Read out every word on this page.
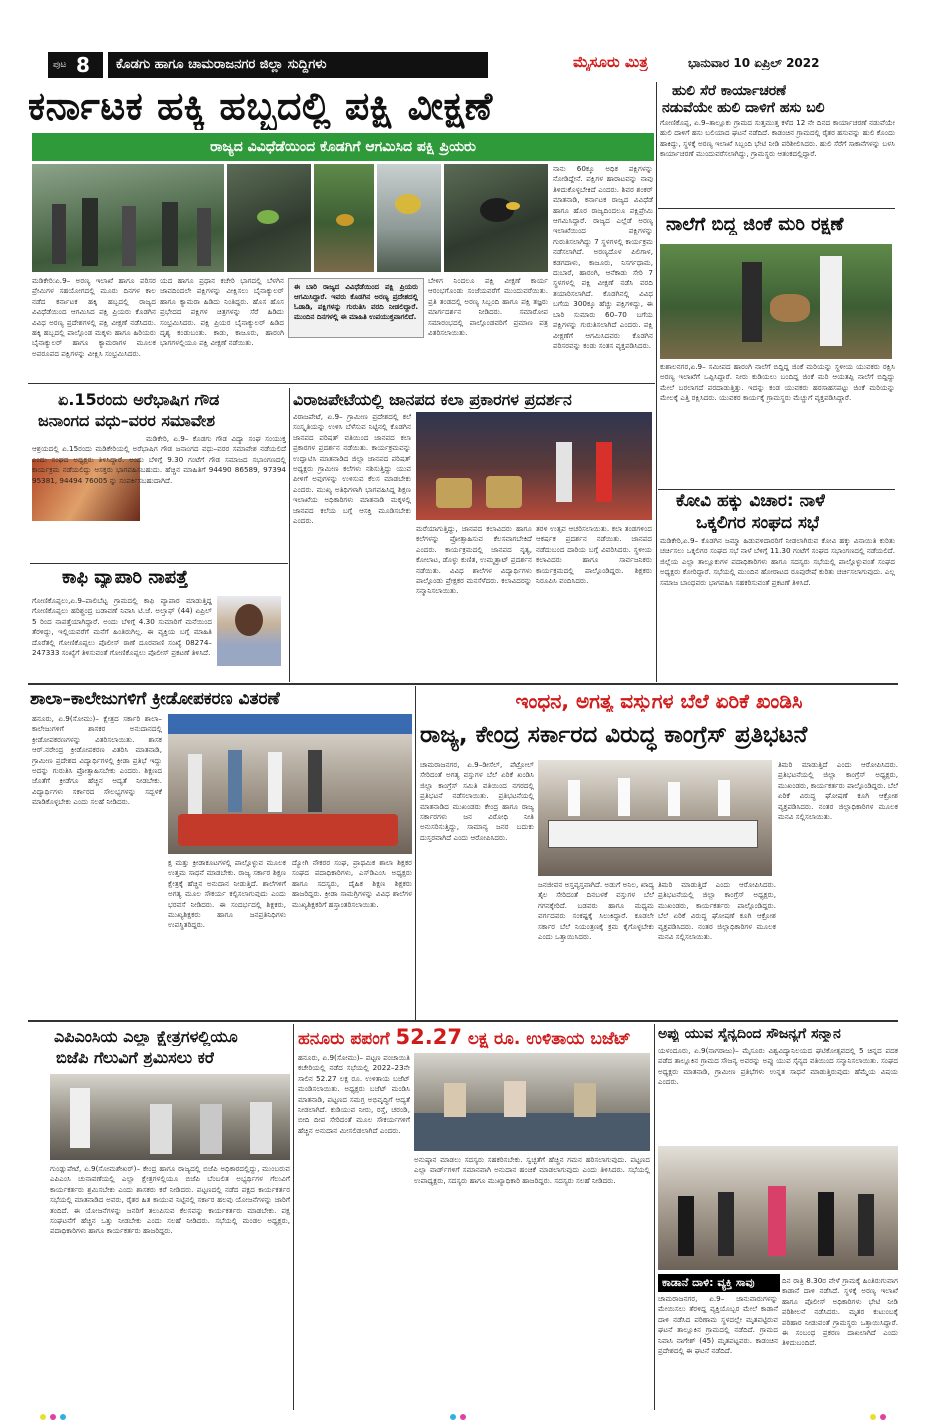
ಪುಟ 8	ಕೊಡಗು ಹಾಗೂ ಚಾಮರಾಜನಗರ ಜಿಲ್ಲಾ ಸುದ್ದಿಗಳು	ಮೈಸೂರು ಮಿತ್ರ	ಭಾನುವಾರ 10 ಏಪ್ರಿಲ್ 2022
ಕರ್ನಾಟಕ ಹಕ್ಕಿ ಹಬ್ಬದಲ್ಲಿ ಪಕ್ಷಿ ವೀಕ್ಷಣೆ
ರಾಜ್ಯದ ವಿವಿಧೆಡೆಯಿಂದ ಕೊಡಗಿಗೆ ಆಗಮಿಸಿದ ಪಕ್ಷಿ ಪ್ರಿಯರು
ನಾನು 60ಕ್ಕೂ ಅಧಿಕ ಪಕ್ಷಿಗಳನ್ನು ನೋಡಿದ್ದೇನೆ. ಪಕ್ಷಿಗಳ ಹಾರಾಟವನ್ನು ನಾವು ತಿಳಿದುಕೊಳ್ಳಬೇಕಿದೆ ಎಂದರು. ಶಿವರ ಶಂಕರ್ ಮಾತನಾಡಿ, ಕರ್ನಾಟಕ ರಾಜ್ಯದ ವಿವಿಧೆಡೆ ಹಾಗೂ ಹೊರ ರಾಜ್ಯದಿಂದಲೂ ಪಕ್ಷಿಪ್ರೇಮಿ ಆಗಮಿಸಿದ್ದಾರೆ. ರಾಜ್ಯದ ಎಲ್ಲೆಡೆ ಅರಣ್ಯ ಇಲಾಖೆಯಿಂದ ಪಕ್ಷಿಗಳನ್ನು ಗುರುತಿಸಲಾಗಿದ್ದು 7 ಸ್ಥಳಗಳಲ್ಲಿ ಕಾರ್ಯಕ್ರಮ ನಡೆಸಲಾಗಿದೆ. ಅರಣ್ಯದೊಳ ಪಿಲಿಗಾಳ, ಕಡಗದಾಳು, ಕಾಜೂರು, ನಿಸರ್ಗಧಾಮ, ದುಬಾರೆ, ಹಾರಂಗಿ, ಆನೆಕಾಡು ಸೇರಿ 7 ಸ್ಥಳಗಳಲ್ಲಿ ಪಕ್ಷಿ ವೀಕ್ಷಣೆ ನಡೆಸಿ ವರದಿ ತಯಾರಿಸಲಾಗಿದೆ. ಕೊಡಗಿನಲ್ಲಿ ವಿವಿಧ ಬಗೆಯ 300ಕ್ಕೂ ಹೆಚ್ಚು ಪಕ್ಷಿಗಳಿದ್ದು, ಈ ಬಾರಿ ಸುಮಾರು 60–70 ಬಗೆಯ ಪಕ್ಷಿಗಳನ್ನು ಗುರುತಿಸಲಾಗಿದೆ ಎಂದರು. ಪಕ್ಷಿ ವೀಕ್ಷಣೆಗೆ ಆಗಮಿಸಿದವರು ಕೊಡಗಿನ ಪರಿಸರವನ್ನು ಕಂಡು ಸಂತಸ ವ್ಯಕ್ತಪಡಿಸಿದರು.
ಮಡಿಕೇರಿ:ಏ.9– ಅರಣ್ಯ ಇಲಾಖೆ ಹಾಗೂ ಪರಿಸರ ಪ್ರೇಮಿಗಳ ಸಹಯೋಗದಲ್ಲಿ ಮೂರು ದಿನಗಳ ಕಾಲ ನಡೆದ ಕರ್ನಾಟಕ ಹಕ್ಕಿ ಹಬ್ಬದಲ್ಲಿ ರಾಜ್ಯದ ವಿವಿಧೆಡೆಯಿಂದ ಆಗಮಿಸಿದ ಪಕ್ಷಿ ಪ್ರಿಯರು ಕೊಡಗಿನ ವಿವಿಧ ಅರಣ್ಯ ಪ್ರದೇಶಗಳಲ್ಲಿ ಪಕ್ಷಿ ವೀಕ್ಷಣೆ ನಡೆಸಿದರು. ಹಕ್ಕಿ ಹಬ್ಬದಲ್ಲಿ ಪಾಲ್ಗೊಂಡ ಮಕ್ಕಳು ಹಾಗೂ ಹಿರಿಯರು ಬೈನಾಕ್ಯುಲರ್ ಹಾಗೂ ಕ್ಯಾಮರಾಗಳ ಮೂಲಕ ಅಪರೂಪದ ಪಕ್ಷಿಗಳನ್ನು ವೀಕ್ಷಿಸಿ ಸಂಭ್ರಮಿಸಿದರು.
ಯದ ಹಾಗೂ ಪ್ರಧಾನ ಕಚೇರಿ ಭಾಗದಲ್ಲಿ ಬೆಳಗಿನ ಜಾವದಿಂದಲೇ ಪಕ್ಷಿಗಳನ್ನು ವೀಕ್ಷಿಸಲು ಬೈನಾಕ್ಯುಲರ್ ಹಾಗೂ ಕ್ಯಾಮರಾ ಹಿಡಿದು ನಿಂತಿದ್ದರು. ಹೊಸ ಹೊಸ ಪ್ರಭೇದದ ಪಕ್ಷಿಗಳ ಚಿತ್ರಗಳನ್ನು ಸೆರೆ ಹಿಡಿದು ಸಂಭ್ರಮಿಸಿದರು. ಪಕ್ಷಿ ಪ್ರಿಯರ ಬೈನಾಕ್ಯುಲರ್ ಹಿಡಿದ ದೃಶ್ಯ ಕಂಡುಬಂತು. ಕಾಡು, ಕಾಜೂರು, ಹಾರಂಗಿ ಭಾಗಗಳಲ್ಲಿಯೂ ಪಕ್ಷಿ ವೀಕ್ಷಣೆ ನಡೆಯಿತು.
ಈ ಬಾರಿ ರಾಜ್ಯದ ವಿವಿಧೆಡೆಯಿಂದ ಪಕ್ಷಿ ಪ್ರಿಯರು ಆಗಮಿಸಿದ್ದಾರೆ. ಇವರು ಕೊಡಗಿನ ಅರಣ್ಯ ಪ್ರದೇಶದಲ್ಲಿ ಓಡಾಡಿ, ಪಕ್ಷಿಗಳನ್ನು ಗುರುತಿಸಿ ವರದಿ ನೀಡಲಿದ್ದಾರೆ. ಮುಂದಿನ ದಿನಗಳಲ್ಲಿ ಈ ಮಾಹಿತಿ ಉಪಯುಕ್ತವಾಗಲಿದೆ.
ಬೇಳಿಗ ನಿಂದಲೂ ಪಕ್ಷಿ ವೀಕ್ಷಣೆ ಕಾರ್ಯ ಆರಂಭಗೊಂಡು ಸಂಜೆಯವರೆಗೆ ಮುಂದುವರೆಯಿತು. ಪ್ರತಿ ತಂಡದಲ್ಲಿ ಅರಣ್ಯ ಸಿಬ್ಬಂದಿ ಹಾಗೂ ಪಕ್ಷಿ ತಜ್ಞರು ಮಾರ್ಗದರ್ಶನ ನೀಡಿದರು. ಸಮಾರೋಪ ಸಮಾರಂಭದಲ್ಲಿ ಪಾಲ್ಗೊಂಡವರಿಗೆ ಪ್ರಮಾಣ ಪತ್ರ ವಿತರಿಸಲಾಯಿತು.
ಹುಲಿ ಸೆರೆ ಕಾರ್ಯಾಚರಣೆ
ನಡುವೆಯೇ ಹುಲಿ ದಾಳಿಗೆ ಹಸು ಬಲಿ
ಗೋಣಿಕೊಪ್ಪ, ಏ.9–ತಾಲ್ಲೂಕು ಗ್ರಾಮದ ಸುತ್ತಮುತ್ತ ಕಳೆದ 12 ನೇ ದಿನದ ಕಾರ್ಯಾಚರಣೆ ನಡುವೆಯೇ ಹುಲಿ ದಾಳಿಗೆ ಹಸು ಬಲಿಯಾದ ಘಟನೆ ನಡೆದಿದೆ. ಕಾಡಂಚಿನ ಗ್ರಾಮದಲ್ಲಿ ರೈತರ ಹಸುವನ್ನು ಹುಲಿ ಕೊಂದು ಹಾಕಿದ್ದು, ಸ್ಥಳಕ್ಕೆ ಅರಣ್ಯ ಇಲಾಖೆ ಸಿಬ್ಬಂದಿ ಭೇಟಿ ನೀಡಿ ಪರಿಶೀಲಿಸಿದರು. ಹುಲಿ ಸೆರೆಗೆ ಸಾಕಾನೆಗಳನ್ನು ಬಳಸಿ ಕಾರ್ಯಾಚರಣೆ ಮುಂದುವರೆಸಲಾಗಿದ್ದು, ಗ್ರಾಮಸ್ಥರು ಆತಂಕದಲ್ಲಿದ್ದಾರೆ.
ನಾಲೆಗೆ ಬಿದ್ದ ಜಿಂಕೆ ಮರಿ ರಕ್ಷಣೆ
ಕುಶಾಲನಗರ,ಏ.9– ಸಮೀಪದ ಹಾರಂಗಿ ನಾಲೆಗೆ ಬಿದ್ದಿದ್ದ ಜಿಂಕೆ ಮರಿಯನ್ನು ಸ್ಥಳೀಯ ಯುವಕರು ರಕ್ಷಿಸಿ ಅರಣ್ಯ ಇಲಾಖೆಗೆ ಒಪ್ಪಿಸಿದ್ದಾರೆ. ನೀರು ಕುಡಿಯಲು ಬಂದಿದ್ದ ಜಿಂಕೆ ಮರಿ ಆಯತಪ್ಪಿ ನಾಲೆಗೆ ಬಿದ್ದಿದ್ದು ಮೇಲೆ ಬರಲಾಗದೆ ಪರದಾಡುತ್ತಿತ್ತು. ಇದನ್ನು ಕಂಡ ಯುವಕರು ಹರಸಾಹಸಪಟ್ಟು ಜಿಂಕೆ ಮರಿಯನ್ನು ಮೇಲಕ್ಕೆ ಎತ್ತಿ ರಕ್ಷಿಸಿದರು. ಯುವಕರ ಕಾರ್ಯಕ್ಕೆ ಗ್ರಾಮಸ್ಥರು ಮೆಚ್ಚುಗೆ ವ್ಯಕ್ತಪಡಿಸಿದ್ದಾರೆ.
ಕೋವಿ ಹಕ್ಕು ವಿಚಾರ: ನಾಳೆ
ಒಕ್ಕಲಿಗರ ಸಂಘದ ಸಭೆ
ಮಡಿಕೇರಿ,ಏ.9– ಕೊಡಗಿನ ಜಮ್ಮಾ ಹಿಡುವಳಿದಾರರಿಗೆ ನೀಡಲಾಗಿರುವ ಕೋವಿ ಹಕ್ಕು ವಿನಾಯಿತಿ ಕುರಿತು ಚರ್ಚಿಸಲು ಒಕ್ಕಲಿಗರ ಸಂಘದ ಸಭೆ ನಾಳೆ ಬೆಳಿಗ್ಗೆ 11.30 ಗಂಟೆಗೆ ಸಂಘದ ಸಭಾಂಗಣದಲ್ಲಿ ನಡೆಯಲಿದೆ. ಜಿಲ್ಲೆಯ ಎಲ್ಲಾ ತಾಲ್ಲೂಕುಗಳ ಪದಾಧಿಕಾರಿಗಳು ಹಾಗೂ ಸದಸ್ಯರು ಸಭೆಯಲ್ಲಿ ಪಾಲ್ಗೊಳ್ಳುವಂತೆ ಸಂಘದ ಅಧ್ಯಕ್ಷರು ಕೋರಿದ್ದಾರೆ. ಸಭೆಯಲ್ಲಿ ಮುಂದಿನ ಹೋರಾಟದ ರೂಪುರೇಷೆ ಕುರಿತು ಚರ್ಚಿಸಲಾಗುವುದು. ಎಲ್ಲ ಸಮಾಜ ಬಾಂಧವರು ಭಾಗವಹಿಸಿ ಸಹಕರಿಸುವಂತೆ ಪ್ರಕಟಣೆ ತಿಳಿಸಿದೆ.
ಏ.15ರಂದು ಅರೆಭಾಷಿಗ ಗೌಡ
ಜನಾಂಗದ ವಧು–ವರರ ಸಮಾವೇಶ
ಮಡಿಕೇರಿ, ಏ.9– ಕೊಡಗು ಗೌಡ ವಿದ್ಯಾ ಸಂಘ ಸಂಯುಕ್ತ ಆಶ್ರಯದಲ್ಲಿ ಏ.15ರಂದು ಮಡಿಕೇರಿಯಲ್ಲಿ ಅರೆಭಾಷಿಗ ಗೌಡ ಜನಾಂಗದ ವಧು–ವರರ ಸಮಾವೇಶ ನಡೆಯಲಿದೆ ಎಂದು ಸಂಘದ ಅಧ್ಯಕ್ಷರು ತಿಳಿಸಿದ್ದಾರೆ. ಅಂದು ಬೆಳಿಗ್ಗೆ 9.30 ಗಂಟೆಗೆ ಗೌಡ ಸಮಾಜದ ಸಭಾಂಗಣದಲ್ಲಿ ಕಾರ್ಯಕ್ರಮ ನಡೆಯಲಿದ್ದು ಆಸಕ್ತರು ಭಾಗವಹಿಸಬಹುದು. ಹೆಚ್ಚಿನ ಮಾಹಿತಿಗೆ 94490 86589, 97394 95381, 94494 76005 ನ್ನು ಸಂಪರ್ಕಿಸಬಹುದಾಗಿದೆ.
ಕಾಫಿ ವ್ಯಾಪಾರಿ ನಾಪತ್ತೆ
ಗೋಣಿಕೊಪ್ಪಲು,ಏ.9–ಪಾಲಿಬೆಟ್ಟ ಗ್ರಾಮದಲ್ಲಿ ಕಾಫಿ ವ್ಯಾಪಾರ ಮಾಡುತ್ತಿದ್ದ ಗೋಣಿಕೊಪ್ಪಲು ಹರಿಶ್ಚಂದ್ರ ಬಡಾವಣೆ ನಿವಾಸಿ ಟಿ.ಜೆ. ಅಲ್ತಾಫ್ (44) ಏಪ್ರಿಲ್ 5 ರಿಂದ ನಾಪತ್ತೆಯಾಗಿದ್ದಾರೆ. ಅಂದು ಬೆಳಿಗ್ಗೆ 4.30 ಸುಮಾರಿಗೆ ಮನೆಯಿಂದ ತೆರಳಿದ್ದು, ಇಲ್ಲಿಯವರೆಗೆ ಮನೆಗೆ ಹಿಂತಿರುಗಿಲ್ಲ. ಈ ವ್ಯಕ್ತಿಯ ಬಗ್ಗೆ ಮಾಹಿತಿ ದೊರೆತಲ್ಲಿ ಗೋಣಿಕೊಪ್ಪಲು ಪೊಲೀಸ್ ಠಾಣೆ ದೂರವಾಣಿ ಸಂಖ್ಯೆ 08274–247333 ಸಂಖ್ಯೆಗೆ ತಿಳಿಸುವಂತೆ ಗೋಣಿಕೊಪ್ಪಲು ಪೊಲೀಸ್ ಪ್ರಕಟಣೆ ತಿಳಿಸಿದೆ.
ವಿರಾಜಪೇಟೆಯಲ್ಲಿ ಜಾನಪದ ಕಲಾ ಪ್ರಕಾರಗಳ ಪ್ರದರ್ಶನ
ವಿರಾಜಪೇಟೆ, ಏ.9– ಗ್ರಾಮೀಣ ಪ್ರದೇಶದಲ್ಲಿ ಕಲೆ ಸಂಸ್ಕೃತಿಯನ್ನು ಉಳಿಸಿ ಬೆಳೆಸುವ ನಿಟ್ಟಿನಲ್ಲಿ ಕೊಡಗಿನ ಜಾನಪದ ಪರಿಷತ್ ವತಿಯಿಂದ ಜಾನಪದ ಕಲಾ ಪ್ರಕಾರಗಳ ಪ್ರದರ್ಶನ ನಡೆಯಿತು. ಕಾರ್ಯಕ್ರಮವನ್ನು ಉದ್ಘಾಟಿಸಿ ಮಾತನಾಡಿದ ಜಿಲ್ಲಾ ಜಾನಪದ ಪರಿಷತ್ ಅಧ್ಯಕ್ಷರು ಗ್ರಾಮೀಣ ಕಲೆಗಳು ನಶಿಸುತ್ತಿದ್ದು ಯುವ ಪೀಳಿಗೆ ಅವುಗಳನ್ನು ಉಳಿಸುವ ಕೆಲಸ ಮಾಡಬೇಕು ಎಂದರು. ಮುಖ್ಯ ಅತಿಥಿಗಳಾಗಿ ಭಾಗವಹಿಸಿದ್ದ ಶಿಕ್ಷಣ ಇಲಾಖೆಯ ಅಧಿಕಾರಿಗಳು ಮಾತನಾಡಿ ಮಕ್ಕಳಲ್ಲಿ ಜಾನಪದ ಕಲೆಯ ಬಗ್ಗೆ ಆಸಕ್ತಿ ಮೂಡಿಸಬೇಕು ಎಂದರು.
ಮರೆಯಾಗುತ್ತಿದ್ದು, ಜಾನಪದ ಕಲಾವಿದರು ಹಾಗೂ ಕಲೆಗಳನ್ನು ಪ್ರೋತ್ಸಾಹಿಸುವ ಕೆಲಸವಾಗಬೇಕಿದೆ ಎಂದರು. ಕಾರ್ಯಕ್ರಮದಲ್ಲಿ ಜಾನಪದ ನೃತ್ಯ, ಕೋಲಾಟ, ಡೊಳ್ಳು ಕುಣಿತ, ಉಮ್ಮತ್ತಾಟ್ ಪ್ರದರ್ಶನ ನಡೆಯಿತು. ವಿವಿಧ ಶಾಲೆಗಳ ವಿದ್ಯಾರ್ಥಿಗಳು ಪಾಲ್ಗೊಂಡು ಪ್ರೇಕ್ಷಕರ ಮನಸೆಳೆದರು. ಕಲಾವಿದರನ್ನು ಸನ್ಮಾನಿಸಲಾಯಿತು.
ತರಳಿ ಉತ್ಸವ ಆಚರಿಸಲಾಯಿತು. ಕಲಾ ತಂಡಗಳಿಂದ ಆಕರ್ಷಕ ಪ್ರದರ್ಶನ ನಡೆಯಿತು. ಜಾನಪದ ನಡೆದುಬಂದ ದಾರಿಯ ಬಗ್ಗೆ ವಿವರಿಸಿದರು. ಸ್ಥಳೀಯ ಕಲಾವಿದರು ಹಾಗೂ ಸಾರ್ವಜನಿಕರು ಕಾರ್ಯಕ್ರಮದಲ್ಲಿ ಪಾಲ್ಗೊಂಡಿದ್ದರು. ಶಿಕ್ಷಕರು ನಿರೂಪಿಸಿ ವಂದಿಸಿದರು.
ಶಾಲಾ–ಕಾಲೇಜುಗಳಿಗೆ ಕ್ರೀಡೋಪಕರಣ ವಿತರಣೆ
ಹನೂರು, ಏ.9(ಸೋಮು)– ಕ್ಷೇತ್ರದ ಸರ್ಕಾರಿ ಶಾಲಾ–ಕಾಲೇಜುಗಳಿಗೆ ಶಾಸಕರ ಅನುದಾನದಲ್ಲಿ ಕ್ರೀಡೋಪಕರಣಗಳನ್ನು ವಿತರಿಸಲಾಯಿತು. ಶಾಸಕ ಆರ್.ನರೇಂದ್ರ ಕ್ರೀಡೋಪಕರಣ ವಿತರಿಸಿ ಮಾತನಾಡಿ, ಗ್ರಾಮೀಣ ಪ್ರದೇಶದ ವಿದ್ಯಾರ್ಥಿಗಳಲ್ಲಿ ಕ್ರೀಡಾ ಪ್ರತಿಭೆ ಇದ್ದು ಅದನ್ನು ಗುರುತಿಸಿ ಪ್ರೋತ್ಸಾಹಿಸಬೇಕು ಎಂದರು. ಶಿಕ್ಷಣದ ಜೊತೆಗೆ ಕ್ರೀಡೆಗೂ ಹೆಚ್ಚಿನ ಆದ್ಯತೆ ನೀಡಬೇಕು. ವಿದ್ಯಾರ್ಥಿಗಳು ಸರ್ಕಾರದ ಸೌಲಭ್ಯಗಳನ್ನು ಸದ್ಬಳಕೆ ಮಾಡಿಕೊಳ್ಳಬೇಕು ಎಂದು ಸಲಹೆ ನೀಡಿದರು.
ಕ್ಷ ಮತ್ತು ಕ್ರೀಡಾಕೂಟಗಳಲ್ಲಿ ಪಾಲ್ಗೊಳ್ಳುವ ಮೂಲಕ ಉತ್ತಮ ಸಾಧನೆ ಮಾಡಬೇಕು. ರಾಜ್ಯ ಸರ್ಕಾರ ಶಿಕ್ಷಣ ಕ್ಷೇತ್ರಕ್ಕೆ ಹೆಚ್ಚಿನ ಅನುದಾನ ನೀಡುತ್ತಿದೆ. ಶಾಲೆಗಳಿಗೆ ಅಗತ್ಯ ಮೂಲ ಸೌಕರ್ಯ ಕಲ್ಪಿಸಲಾಗುವುದು ಎಂದು ಭರವಸೆ ನೀಡಿದರು. ಈ ಸಂದರ್ಭದಲ್ಲಿ ಶಿಕ್ಷಕರು, ಮುಖ್ಯಶಿಕ್ಷಕರು ಹಾಗೂ ಜನಪ್ರತಿನಿಧಿಗಳು ಉಪಸ್ಥಿತರಿದ್ದರು.
ದ್ಯೋಗಿ ನೌಕರರ ಸಂಘ, ಪ್ರಾಥಮಿಕ ಶಾಲಾ ಶಿಕ್ಷಕರ ಸಂಘದ ಪದಾಧಿಕಾರಿಗಳು, ಎಸ್‌ಡಿಎಂಸಿ ಅಧ್ಯಕ್ಷರು ಹಾಗೂ ಸದಸ್ಯರು, ದೈಹಿಕ ಶಿಕ್ಷಣ ಶಿಕ್ಷಕರು ಹಾಜರಿದ್ದರು. ಕ್ರೀಡಾ ಸಾಮಗ್ರಿಗಳನ್ನು ವಿವಿಧ ಶಾಲೆಗಳ ಮುಖ್ಯಶಿಕ್ಷಕರಿಗೆ ಹಸ್ತಾಂತರಿಸಲಾಯಿತು.
ಇಂಧನ, ಅಗತ್ಯ ವಸ್ತುಗಳ ಬೆಲೆ ಏರಿಕೆ ಖಂಡಿಸಿ
ರಾಜ್ಯ, ಕೇಂದ್ರ ಸರ್ಕಾರದ ವಿರುದ್ಧ ಕಾಂಗ್ರೆಸ್ ಪ್ರತಿಭಟನೆ
ಚಾಮರಾಜನಗರ, ಏ.9–ಡೀಸೆಲ್, ಪೆಟ್ರೋಲ್ ಸೇರಿದಂತೆ ಅಗತ್ಯ ವಸ್ತುಗಳ ಬೆಲೆ ಏರಿಕೆ ಖಂಡಿಸಿ ಜಿಲ್ಲಾ ಕಾಂಗ್ರೆಸ್ ಸಮಿತಿ ವತಿಯಿಂದ ನಗರದಲ್ಲಿ ಪ್ರತಿಭಟನೆ ನಡೆಸಲಾಯಿತು. ಪ್ರತಿಭಟನೆಯಲ್ಲಿ ಮಾತನಾಡಿದ ಮುಖಂಡರು ಕೇಂದ್ರ ಹಾಗೂ ರಾಜ್ಯ ಸರ್ಕಾರಗಳು ಜನ ವಿರೋಧಿ ನೀತಿ ಅನುಸರಿಸುತ್ತಿದ್ದು, ಸಾಮಾನ್ಯ ಜನರ ಬದುಕು ದುಸ್ತರವಾಗಿದೆ ಎಂದು ಆರೋಪಿಸಿದರು.
ಜನಜೀವನ ಅಸ್ತವ್ಯಸ್ತವಾಗಿದೆ. ಅಡುಗೆ ಅನಿಲ, ಖಾದ್ಯ ತೈಲ ಸೇರಿದಂತೆ ದಿನಬಳಕೆ ವಸ್ತುಗಳ ಬೆಲೆ ಗಗನಕ್ಕೇರಿದೆ. ಬಡವರು ಹಾಗೂ ಮಧ್ಯಮ ವರ್ಗದವರು ಸಂಕಷ್ಟಕ್ಕೆ ಸಿಲುಕಿದ್ದಾರೆ. ಕೂಡಲೇ ಸರ್ಕಾರ ಬೆಲೆ ನಿಯಂತ್ರಣಕ್ಕೆ ಕ್ರಮ ಕೈಗೊಳ್ಳಬೇಕು ಎಂದು ಒತ್ತಾಯಿಸಿದರು.
ತಿಮರಿ ಮಾಡುತ್ತಿದೆ ಎಂದು ಆರೋಪಿಸಿದರು. ಪ್ರತಿಭಟನೆಯಲ್ಲಿ ಜಿಲ್ಲಾ ಕಾಂಗ್ರೆಸ್ ಅಧ್ಯಕ್ಷರು, ಮುಖಂಡರು, ಕಾರ್ಯಕರ್ತರು ಪಾಲ್ಗೊಂಡಿದ್ದರು. ಬೆಲೆ ಏರಿಕೆ ವಿರುದ್ಧ ಘೋಷಣೆ ಕೂಗಿ ಆಕ್ರೋಶ ವ್ಯಕ್ತಪಡಿಸಿದರು. ನಂತರ ಜಿಲ್ಲಾಧಿಕಾರಿಗಳ ಮೂಲಕ ಮನವಿ ಸಲ್ಲಿಸಲಾಯಿತು.
ತಿಮರಿ ಮಾಡುತ್ತಿದೆ ಎಂದು ಆರೋಪಿಸಿದರು. ಪ್ರತಿಭಟನೆಯಲ್ಲಿ ಜಿಲ್ಲಾ ಕಾಂಗ್ರೆಸ್ ಅಧ್ಯಕ್ಷರು, ಮುಖಂಡರು, ಕಾರ್ಯಕರ್ತರು ಪಾಲ್ಗೊಂಡಿದ್ದರು. ಬೆಲೆ ಏರಿಕೆ ವಿರುದ್ಧ ಘೋಷಣೆ ಕೂಗಿ ಆಕ್ರೋಶ ವ್ಯಕ್ತಪಡಿಸಿದರು. ನಂತರ ಜಿಲ್ಲಾಧಿಕಾರಿಗಳ ಮೂಲಕ ಮನವಿ ಸಲ್ಲಿಸಲಾಯಿತು.
ಎಪಿಎಂಸಿಯ ಎಲ್ಲಾ ಕ್ಷೇತ್ರಗಳಲ್ಲಿಯೂ
ಬಿಜೆಪಿ ಗೆಲುವಿಗೆ ಶ್ರಮಿಸಲು ಕರೆ
ಗುಂಡ್ಲುಪೇಟೆ, ಏ.9(ಸೋಮಶೇಖರ್)– ಕೇಂದ್ರ ಹಾಗೂ ರಾಜ್ಯದಲ್ಲಿ ಬಿಜೆಪಿ ಅಧಿಕಾರದಲ್ಲಿದ್ದು, ಮುಂಬರುವ ಎಪಿಎಂಸಿ ಚುನಾವಣೆಯಲ್ಲಿ ಎಲ್ಲಾ ಕ್ಷೇತ್ರಗಳಲ್ಲಿಯೂ ಬಿಜೆಪಿ ಬೆಂಬಲಿತ ಅಭ್ಯರ್ಥಿಗಳ ಗೆಲುವಿಗೆ ಕಾರ್ಯಕರ್ತರು ಶ್ರಮಿಸಬೇಕು ಎಂದು ಶಾಸಕರು ಕರೆ ನೀಡಿದರು. ಪಟ್ಟಣದಲ್ಲಿ ನಡೆದ ಪಕ್ಷದ ಕಾರ್ಯಕರ್ತರ ಸಭೆಯಲ್ಲಿ ಮಾತನಾಡಿದ ಅವರು, ರೈತರ ಹಿತ ಕಾಯುವ ನಿಟ್ಟಿನಲ್ಲಿ ಸರ್ಕಾರ ಹಲವು ಯೋಜನೆಗಳನ್ನು ಜಾರಿಗೆ ತಂದಿದೆ. ಈ ಯೋಜನೆಗಳನ್ನು ಜನರಿಗೆ ತಲುಪಿಸುವ ಕೆಲಸವನ್ನು ಕಾರ್ಯಕರ್ತರು ಮಾಡಬೇಕು. ಪಕ್ಷ ಸಂಘಟನೆಗೆ ಹೆಚ್ಚಿನ ಒತ್ತು ನೀಡಬೇಕು ಎಂದು ಸಲಹೆ ನೀಡಿದರು. ಸಭೆಯಲ್ಲಿ ಮಂಡಲ ಅಧ್ಯಕ್ಷರು, ಪದಾಧಿಕಾರಿಗಳು ಹಾಗೂ ಕಾರ್ಯಕರ್ತರು ಹಾಜರಿದ್ದರು.
ಹನೂರು ಪಪಂಗೆ 52.27 ಲಕ್ಷ ರೂ. ಉಳಿತಾಯ ಬಜೆಟ್
ಹನೂರು, ಏ.9(ಸೋಮು)– ಪಟ್ಟಣ ಪಂಚಾಯಿತಿ ಕಚೇರಿಯಲ್ಲಿ ನಡೆದ ಸಭೆಯಲ್ಲಿ 2022–23ನೇ ಸಾಲಿನ 52.27 ಲಕ್ಷ ರೂ. ಉಳಿತಾಯ ಬಜೆಟ್ ಮಂಡಿಸಲಾಯಿತು. ಅಧ್ಯಕ್ಷರು ಬಜೆಟ್ ಮಂಡಿಸಿ ಮಾತನಾಡಿ, ಪಟ್ಟಣದ ಸಮಗ್ರ ಅಭಿವೃದ್ಧಿಗೆ ಆದ್ಯತೆ ನೀಡಲಾಗಿದೆ. ಕುಡಿಯುವ ನೀರು, ರಸ್ತೆ, ಚರಂಡಿ, ಬೀದಿ ದೀಪ ಸೇರಿದಂತೆ ಮೂಲ ಸೌಕರ್ಯಗಳಿಗೆ ಹೆಚ್ಚಿನ ಅನುದಾನ ಮೀಸಲಿಡಲಾಗಿದೆ ಎಂದರು.
ಅನುಷ್ಠಾನ ಮಾಡಲು ಸದಸ್ಯರು ಸಹಕರಿಸಬೇಕು. ಸ್ವಚ್ಛತೆಗೆ ಹೆಚ್ಚಿನ ಗಮನ ಹರಿಸಲಾಗುವುದು. ಪಟ್ಟಣದ ಎಲ್ಲಾ ವಾರ್ಡ್‌ಗಳಿಗೆ ಸಮಾನವಾಗಿ ಅನುದಾನ ಹಂಚಿಕೆ ಮಾಡಲಾಗುವುದು ಎಂದು ತಿಳಿಸಿದರು. ಸಭೆಯಲ್ಲಿ ಉಪಾಧ್ಯಕ್ಷರು, ಸದಸ್ಯರು ಹಾಗೂ ಮುಖ್ಯಾಧಿಕಾರಿ ಹಾಜರಿದ್ದರು. ಸದಸ್ಯರು ಸಲಹೆ ನೀಡಿದರು.
ಅಪ್ಪು ಯುವ ಸೈನ್ಯದಿಂದ ಸೌಜನ್ಯಗೆ ಸನ್ಮಾನ
ಯಳಂದೂರು, ಏ.9(ನಾಗರಾಜು)– ಮೈಸೂರು ವಿಶ್ವವಿದ್ಯಾನಿಲಯದ ಘಟಿಕೋತ್ಸವದಲ್ಲಿ 5 ಚಿನ್ನದ ಪದಕ ಪಡೆದ ತಾಲ್ಲೂಕಿನ ಗ್ರಾಮದ ಸೌಜನ್ಯ ಅವರನ್ನು ಅಪ್ಪು ಯುವ ಸೈನ್ಯದ ವತಿಯಿಂದ ಸನ್ಮಾನಿಸಲಾಯಿತು. ಸಂಘದ ಅಧ್ಯಕ್ಷರು ಮಾತನಾಡಿ, ಗ್ರಾಮೀಣ ಪ್ರತಿಭೆಗಳು ಉನ್ನತ ಸಾಧನೆ ಮಾಡುತ್ತಿರುವುದು ಹೆಮ್ಮೆಯ ವಿಷಯ ಎಂದರು.
ಕಾಡಾನೆ ದಾಳಿ: ವ್ಯಕ್ತಿ ಸಾವು
ಚಾಮರಾಜನಗರ, ಏ.9– ಜಾನುವಾರುಗಳನ್ನು ಮೇಯಿಸಲು ತೆರಳಿದ್ದ ವ್ಯಕ್ತಿಯೊಬ್ಬರ ಮೇಲೆ ಕಾಡಾನೆ ದಾಳಿ ನಡೆಸಿದ ಪರಿಣಾಮ ಸ್ಥಳದಲ್ಲೇ ಮೃತಪಟ್ಟಿರುವ ಘಟನೆ ತಾಲ್ಲೂಕಿನ ಗ್ರಾಮದಲ್ಲಿ ನಡೆದಿದೆ. ಗ್ರಾಮದ ನಿವಾಸಿ ನಾಗೇಶ್ (45) ಮೃತಪಟ್ಟವರು. ಕಾಡಂಚಿನ ಪ್ರದೇಶದಲ್ಲಿ ಈ ಘಟನೆ ನಡೆದಿದೆ.
ದಿನ ರಾತ್ರಿ 8.30ರ ವೇಳೆ ಗ್ರಾಮಕ್ಕೆ ಹಿಂತಿರುಗುವಾಗ ಕಾಡಾನೆ ದಾಳಿ ನಡೆಸಿದೆ. ಸ್ಥಳಕ್ಕೆ ಅರಣ್ಯ ಇಲಾಖೆ ಹಾಗೂ ಪೊಲೀಸ್ ಅಧಿಕಾರಿಗಳು ಭೇಟಿ ನೀಡಿ ಪರಿಶೀಲನೆ ನಡೆಸಿದರು. ಮೃತರ ಕುಟುಂಬಕ್ಕೆ ಪರಿಹಾರ ನೀಡುವಂತೆ ಗ್ರಾಮಸ್ಥರು ಒತ್ತಾಯಿಸಿದ್ದಾರೆ. ಈ ಸಂಬಂಧ ಪ್ರಕರಣ ದಾಖಲಾಗಿದೆ ಎಂದು ತಿಳಿದುಬಂದಿದೆ.
